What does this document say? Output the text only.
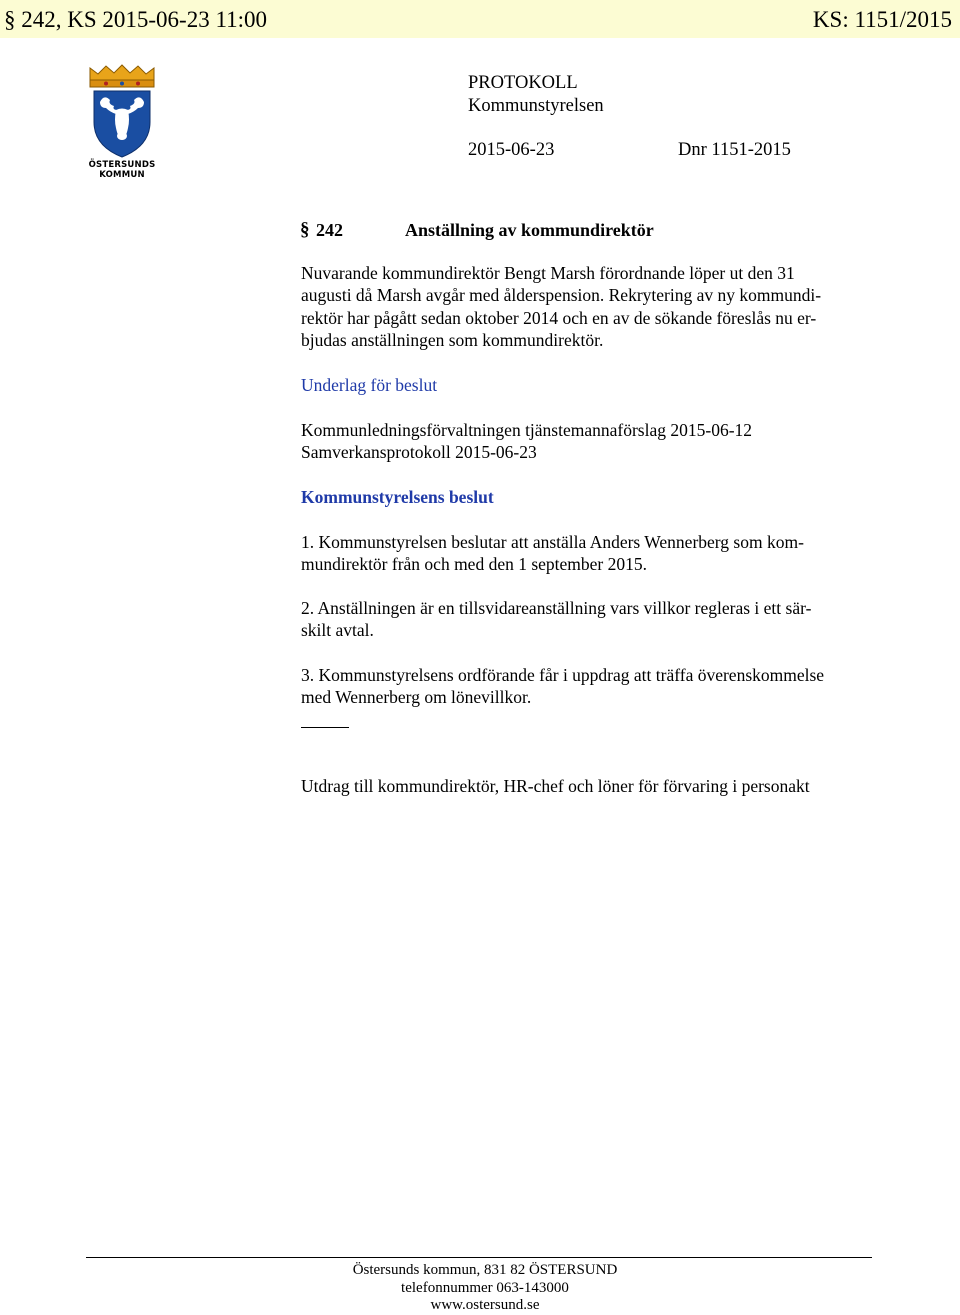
§ 242, KS 2015-06-23 11:00	KS: 1151/2015
ÖSTERSUNDS
KOMMUN
PROTOKOLL
Kommunstyrelsen
2015-06-23	Dnr 1151-2015
§ 242	Anställning av kommundirektör
Nuvarande kommundirektör Bengt Marsh förordnande löper ut den 31
augusti då Marsh avgår med ålderspension. Rekrytering av ny kommundi-
rektör har pågått sedan oktober 2014 och en av de sökande föreslås nu er-
bjudas anställningen som kommundirektör.
Underlag för beslut
Kommunledningsförvaltningen tjänstemannaförslag 2015-06-12
Samverkansprotokoll 2015-06-23
Kommunstyrelsens beslut
1. Kommunstyrelsen beslutar att anställa Anders Wennerberg som kom-
mundirektör från och med den 1 september 2015.
2. Anställningen är en tillsvidareanställning vars villkor regleras i ett sär-
skilt avtal.
3. Kommunstyrelsens ordförande får i uppdrag att träffa överenskommelse
med Wennerberg om lönevillkor.
Utdrag till kommundirektör, HR-chef och löner för förvaring i personakt
Östersunds kommun, 831 82 ÖSTERSUND
telefonnummer 063-143000
www.ostersund.se
